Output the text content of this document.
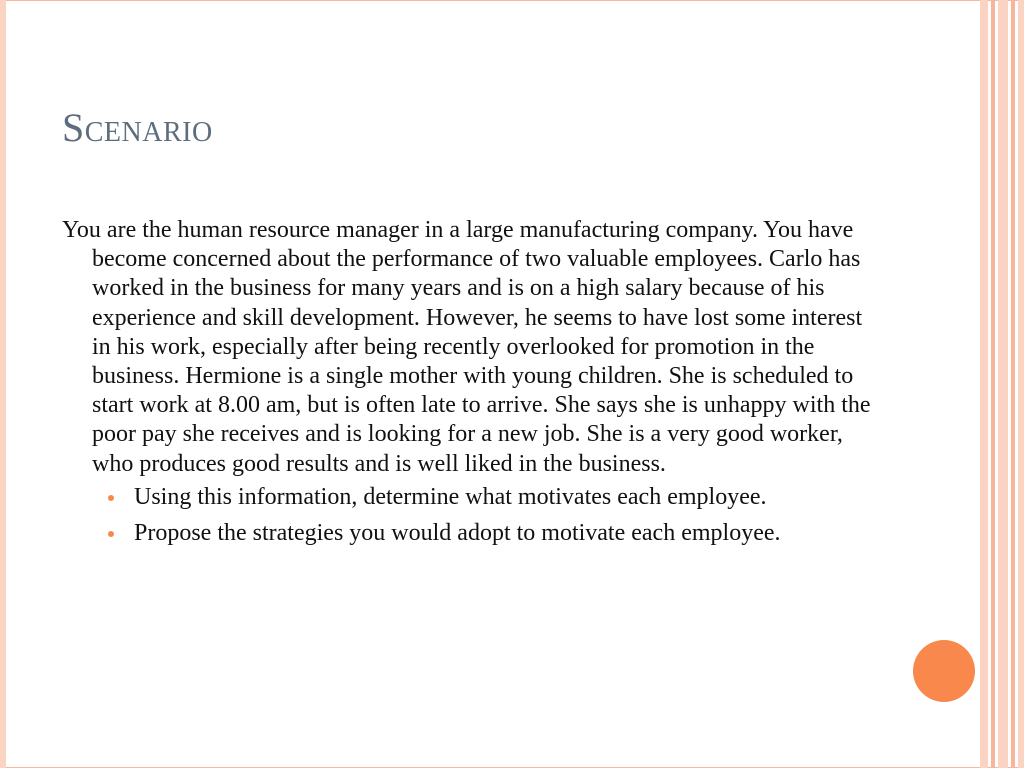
Scenario

You are the human resource manager in a large manufacturing company. You have become concerned about the performance of two valuable employees. Carlo has worked in the business for many years and is on a high salary because of his experience and skill development. However, he seems to have lost some interest in his work, especially after being recently overlooked for promotion in the business. Hermione is a single mother with young children. She is scheduled to start work at 8.00 am, but is often late to arrive. She says she is unhappy with the poor pay she receives and is looking for a new job. She is a very good worker, who produces good results and is well liked in the business.

Using this information, determine what motivates each employee.
Propose the strategies you would adopt to motivate each employee.
